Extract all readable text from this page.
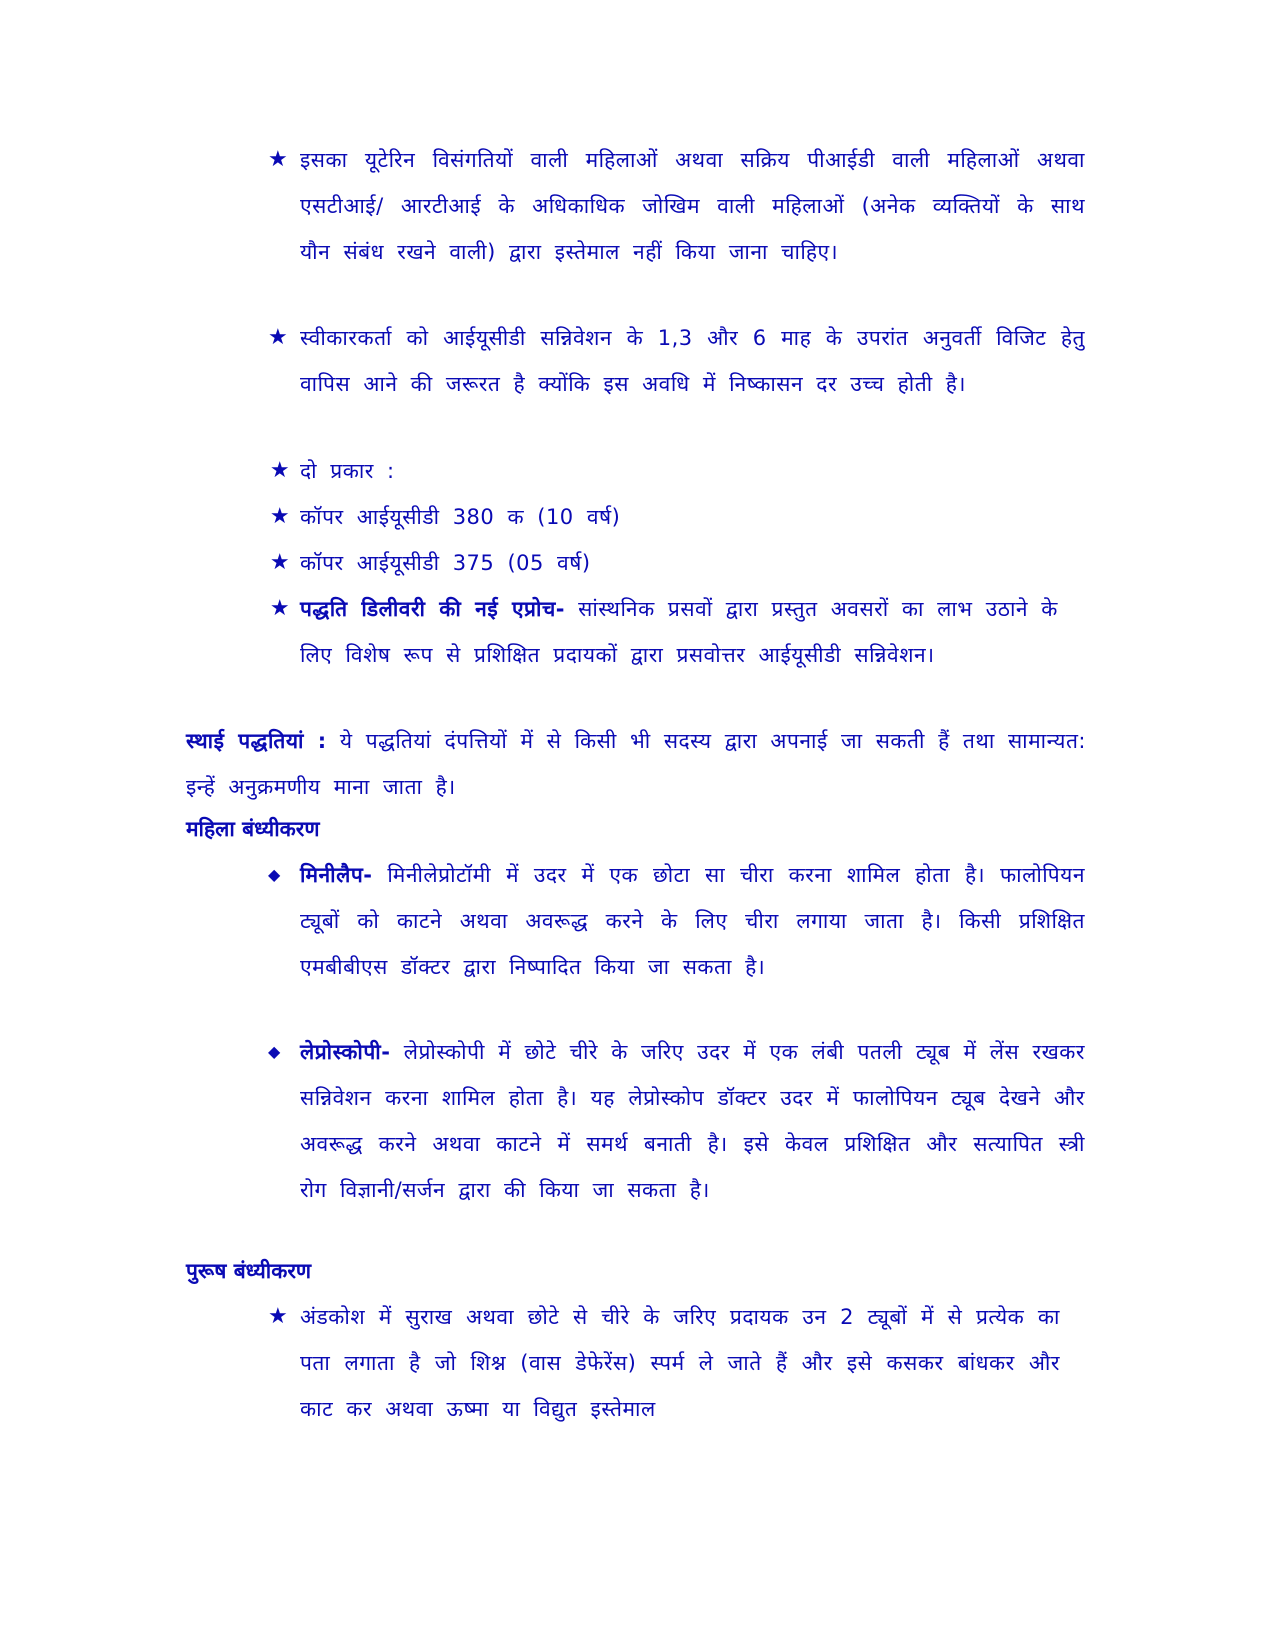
★ इसका यूटेरिन विसंगतियों वाली महिलाओं अथवा सक्रिय पीआईडी वाली महिलाओं अथवा एसटीआई/ आरटीआई के अधिकाधिक जोखिम वाली महिलाओं (अनेक व्यक्तियों के साथ यौन संबंध रखने वाली) द्वारा इस्तेमाल नहीं किया जाना चाहिए।
★ स्वीकारकर्ता को आईयूसीडी सन्निवेशन के 1,3 और 6 माह के उपरांत अनुवर्ती विजिट हेतु वापिस आने की जरूरत है क्योंकि इस अवधि में निष्कासन दर उच्च होती है।
★ दो प्रकार :
★ कॉपर आईयूसीडी 380 क (10 वर्ष)
★ कॉपर आईयूसीडी 375 (05 वर्ष)
★ पद्धति डिलीवरी की नई एप्रोच- सांस्थनिक प्रसवों द्वारा प्रस्तुत अवसरों का लाभ उठाने के लिए विशेष रूप से प्रशिक्षित प्रदायकों द्वारा प्रसवोत्तर आईयूसीडी सन्निवेशन।
स्थाई पद्धतियां : ये पद्धतियां दंपत्तियों में से किसी भी सदस्य द्वारा अपनाई जा सकती हैं तथा सामान्यत: इन्हें अनुक्रमणीय माना जाता है।
महिला बंध्यीकरण
◆ मिनीलैप- मिनीलेप्रोटॉमी में उदर में एक छोटा सा चीरा करना शामिल होता है। फालोपियन ट्यूबों को काटने अथवा अवरूद्ध करने के लिए चीरा लगाया जाता है। किसी प्रशिक्षित एमबीबीएस डॉक्टर द्वारा निष्पादित किया जा सकता है।
◆ लेप्रोस्कोपी- लेप्रोस्कोपी में छोटे चीरे के जरिए उदर में एक लंबी पतली ट्यूब में लेंस रखकर सन्निवेशन करना शामिल होता है। यह लेप्रोस्कोप डॉक्टर उदर में फालोपियन ट्यूब देखने और अवरूद्ध करने अथवा काटने में समर्थ बनाती है। इसे केवल प्रशिक्षित और सत्यापित स्त्री रोग विज्ञानी/सर्जन द्वारा की किया जा सकता है।
पुरूष बंध्यीकरण
★ अंडकोश में सुराख अथवा छोटे से चीरे के जरिए प्रदायक उन 2 ट्यूबों में से प्रत्येक का पता लगाता है जो शिश्न (वास डेफेरेंस) स्पर्म ले जाते हैं और इसे कसकर बांधकर और काट कर अथवा ऊष्मा या विद्युत इस्तेमाल
